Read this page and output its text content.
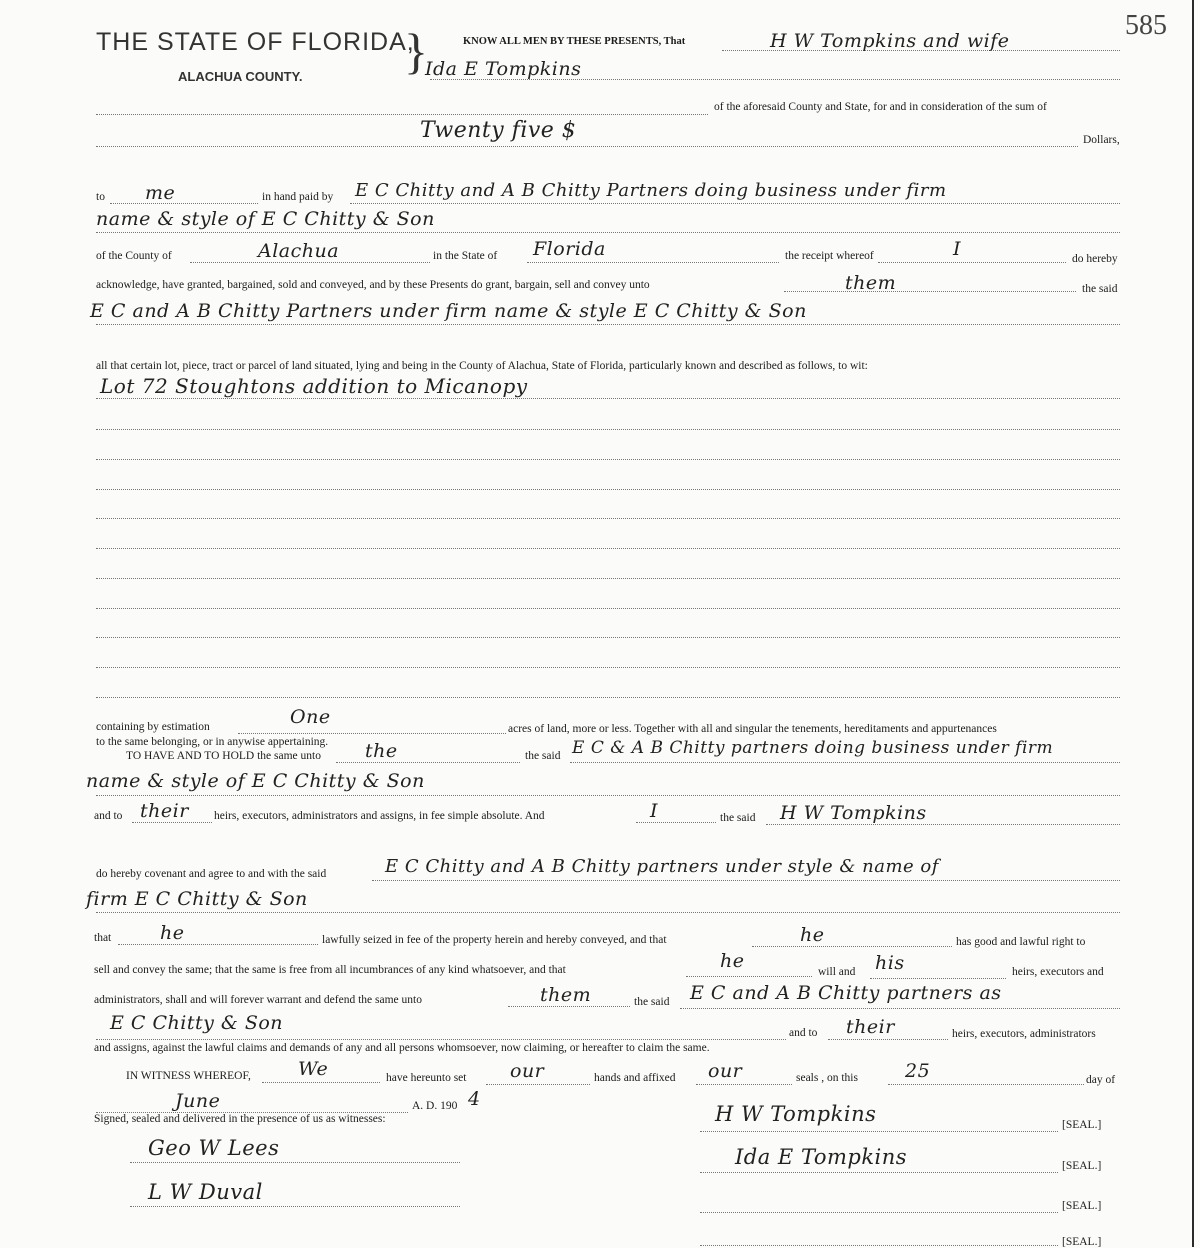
THE STATE OF FLORIDA,
}
ALACHUA COUNTY.
585
KNOW ALL MEN BY THESE PRESENTS, That	H W Tompkins and wife
Ida E Tompkins
of the aforesaid County and State, for and in consideration of the sum of
Twenty five $	Dollars,
to me	in hand paid by E C Chitty and A B Chitty Partners doing business under firm
name & style of E C Chitty & Son
of the County of	Alachua	in the State of Florida	the receipt whereof	I	do hereby
acknowledge, have granted, bargained, sold and conveyed, and by these Presents do grant, bargain, sell and convey unto	them	the said
E C and A B Chitty Partners under firm name & style E C Chitty & Son
all that certain lot, piece, tract or parcel of land situated, lying and being in the County of Alachua, State of Florida, particularly known and described as follows, to wit:
Lot 72 Stoughtons addition to Micanopy
containing by estimation	One
acres of land, more or less. Together with all and singular the tenements, hereditaments and appurtenances
to the same belonging, or in anywise appertaining.
TO HAVE AND TO HOLD the same unto the	the said E C & A B Chitty partners doing business under firm
name & style of E C Chitty & Son
and to their heirs, executors, administrators and assigns, in fee simple absolute. And	I	the said H W Tompkins
do hereby covenant and agree to and with the said	E C Chitty and A B Chitty partners under style & name of
firm E C Chitty & Son
that	he	lawfully seized in fee of the property herein and hereby conveyed, and that	he	has good and lawful right to
sell and convey the same; that the same is free from all incumbrances of any kind whatsoever, and that	he	will and his	heirs, executors and
administrators, shall and will forever warrant and defend the same unto	them	the said E C and A B Chitty partners as
E C Chitty & Son	and to their	heirs, executors, administrators
and assigns, against the lawful claims and demands of any and all persons whomsoever, now claiming, or hereafter to claim the same.
IN WITNESS WHEREOF, We	have hereunto set our	hands and affixed our	seals , on this 25	day of
June	A. D. 190 4
Signed, sealed and delivered in the presence of us as witnesses:
Geo W Lees
L W Duval
H W Tompkins	[SEAL.]
Ida E Tompkins	[SEAL.]
[SEAL.]
[SEAL.]
